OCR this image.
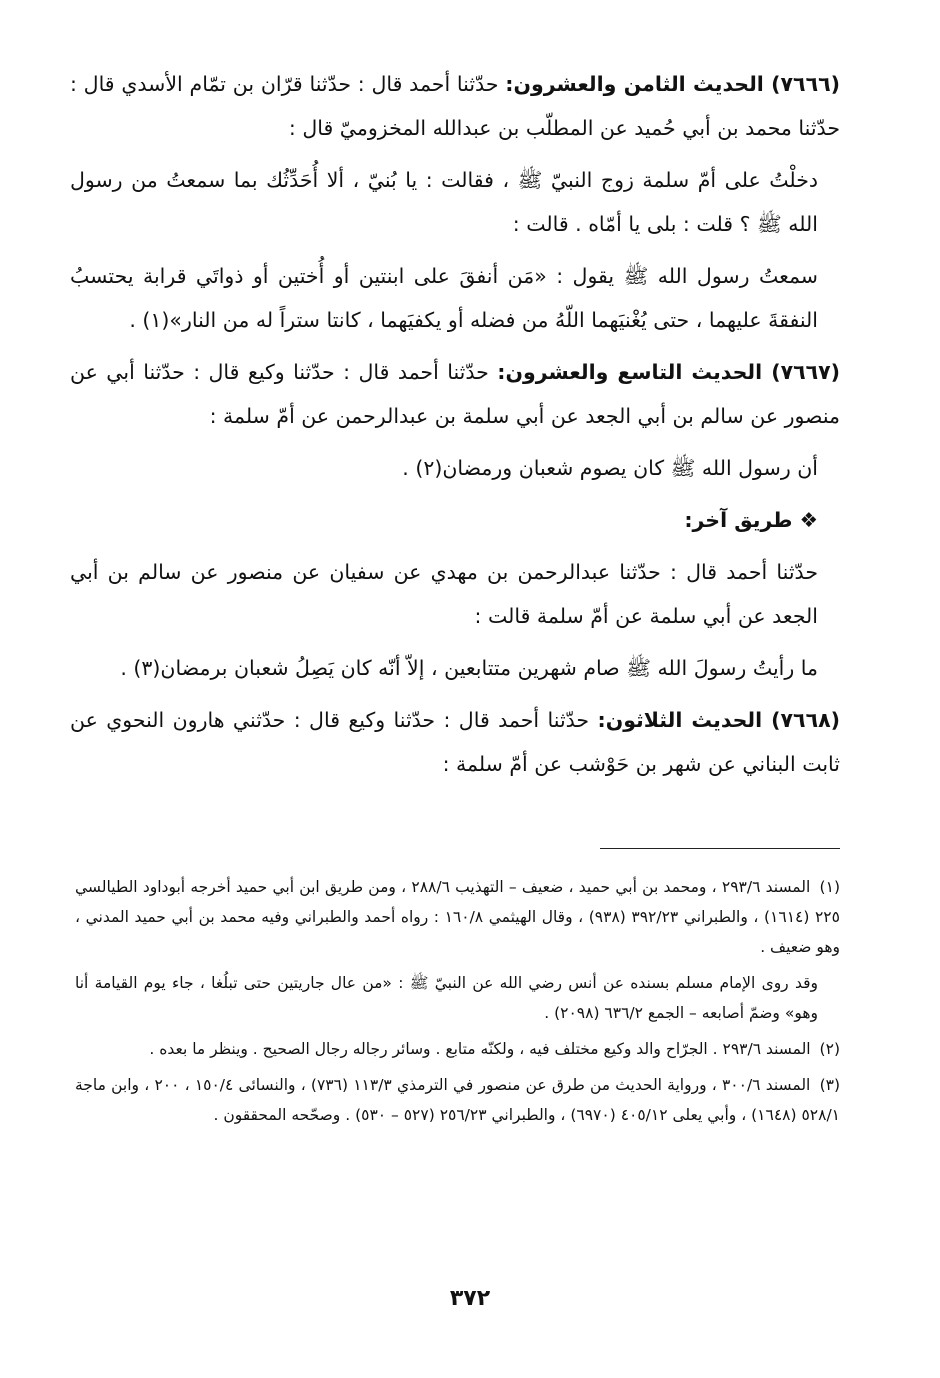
(٧٦٦٦) الحديث الثامن والعشرون: حدّثنا أحمد قال : حدّثنا قرّان بن تمّام الأسدي قال : حدّثنا محمد بن أبي حُميد عن المطلّب بن عبدالله المخزوميّ قال :

دخلْتُ على أمّ سلمة زوج النبيّ ﷺ ، فقالت : يا بُنيّ ، ألا أُحَدِّثُك بما سمعتُ من رسول الله ﷺ ؟ قلت : بلى يا أمّاه . قالت :

سمعتُ رسول الله ﷺ يقول : «مَن أنفقَ على ابنتين أو أُختين أو ذواتَي قرابة يحتسبُ النفقةَ عليهما ، حتى يُغْنيَهما اللّهُ من فضله أو يكفيَهما ، كانتا ستراً له من النار»(١) .

(٧٦٦٧) الحديث التاسع والعشرون: حدّثنا أحمد قال : حدّثنا وكيع قال : حدّثنا أبي عن منصور عن سالم بن أبي الجعد عن أبي سلمة بن عبدالرحمن عن أمّ سلمة :

أن رسول الله ﷺ كان يصوم شعبان ورمضان(٢) .

❖ طريق آخر:

حدّثنا أحمد قال : حدّثنا عبدالرحمن بن مهدي عن سفيان عن منصور عن سالم بن أبي الجعد عن أبي سلمة عن أمّ سلمة قالت :

ما رأيتُ رسولَ الله ﷺ صام شهرين متتابعين ، إلاّ أنّه كان يَصِلُ شعبان برمضان(٣) .

(٧٦٦٨) الحديث الثلاثون: حدّثنا أحمد قال : حدّثنا وكيع قال : حدّثني هارون النحوي عن ثابت البناني عن شهر بن حَوْشب عن أمّ سلمة :

(١) المسند ٢٩٣/٦ ، ومحمد بن أبي حميد ، ضعيف – التهذيب ٢٨٨/٦ ، ومن طريق ابن أبي حميد أخرجه أبوداود الطيالسي ٢٢٥ (١٦١٤) ، والطبراني ٣٩٢/٢٣ (٩٣٨) ، وقال الهيثمي ١٦٠/٨ : رواه أحمد والطبراني وفيه محمد بن أبي حميد المدني ، وهو ضعيف .

وقد روى الإمام مسلم بسنده عن أنس رضي الله عن النبيّ ﷺ : «من عال جاريتين حتى تبلُغا ، جاء يوم القيامة أنا وهو» وضمّ أصابعه – الجمع ٦٣٦/٢ (٢٠٩٨) .

(٢) المسند ٢٩٣/٦ . الجرّاح والد وكيع مختلف فيه ، ولكنّه متابع . وسائر رجاله رجال الصحيح . وينظر ما بعده .

(٣) المسند ٣٠٠/٦ ، ورواية الحديث من طرق عن منصور في الترمذي ١١٣/٣ (٧٣٦) ، والنسائى ١٥٠/٤ ، ٢٠٠ ، وابن ماجة ٥٢٨/١ (١٦٤٨) ، وأبي يعلى ٤٠٥/١٢ (٦٩٧٠) ، والطبراني ٢٥٦/٢٣ (٥٢٧ – ٥٣٠) . وصحّحه المحققون .

٣٧٢
